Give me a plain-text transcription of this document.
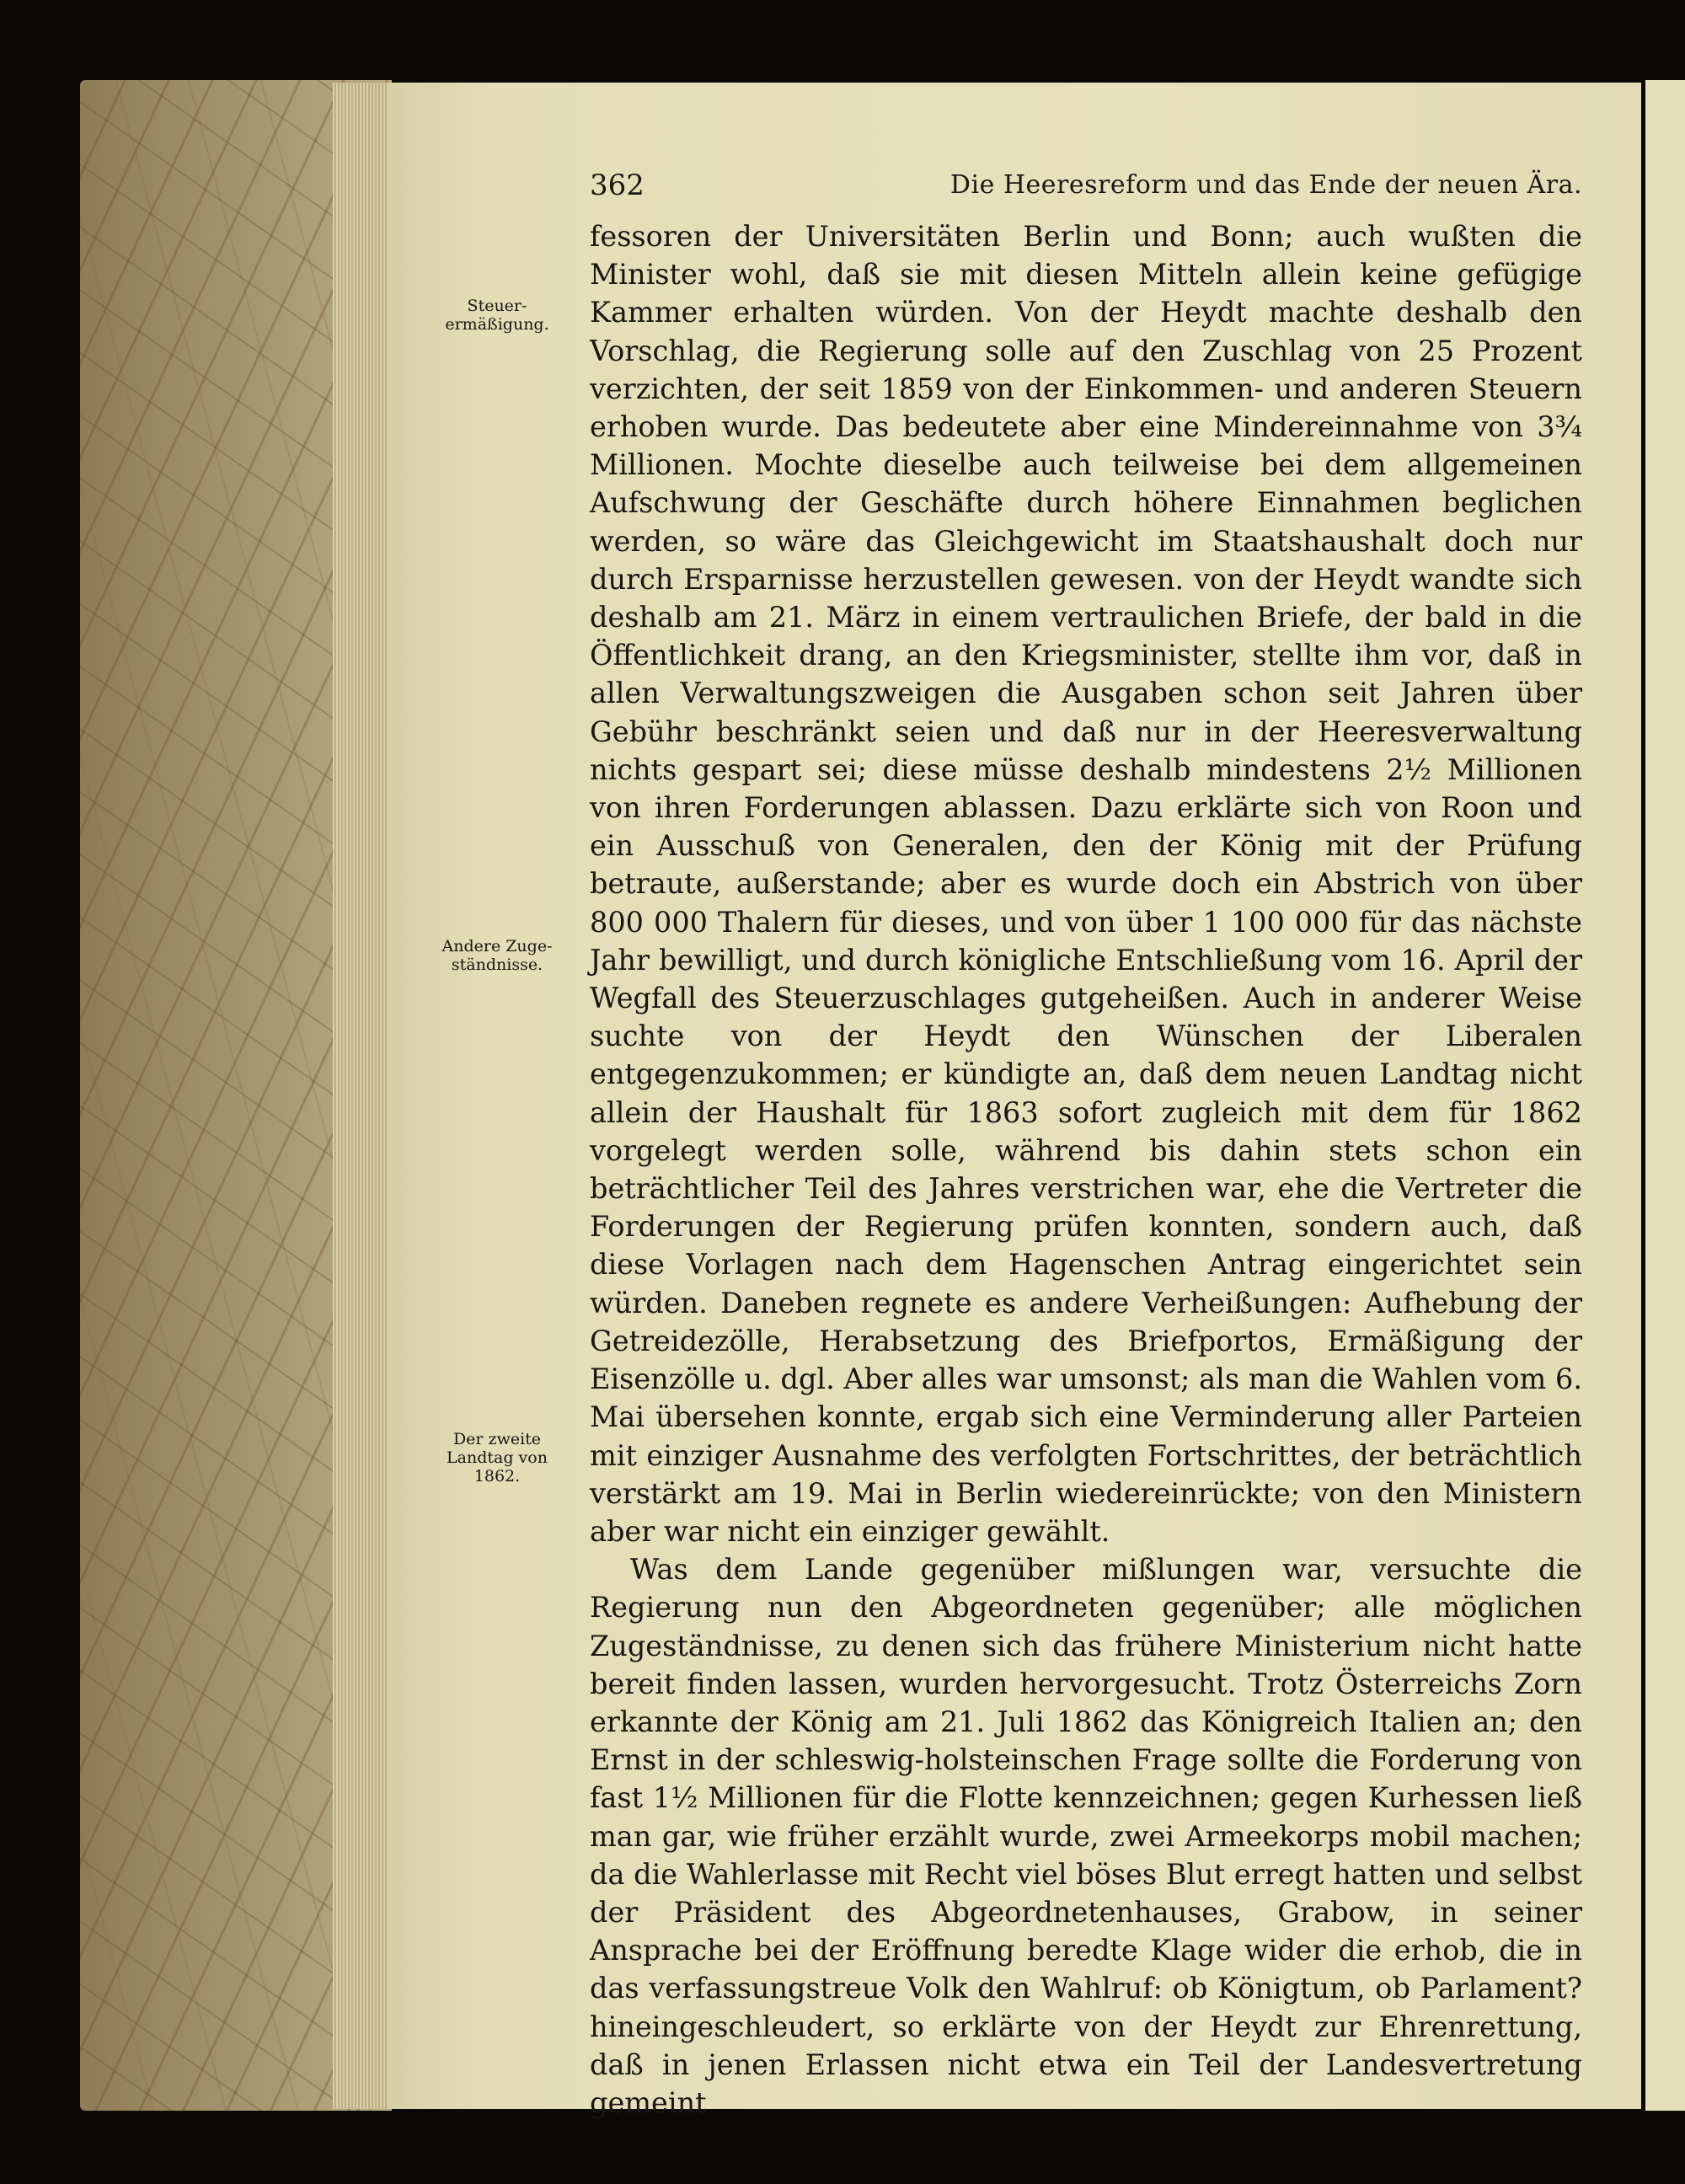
362	Die Heeresreform und das Ende der neuen Ära.
Steuer-ermäßigung.
Andere Zuge-ständnisse.
Der zweite Landtag von 1862.

fessoren der Universitäten Berlin und Bonn; auch wußten die Minister wohl, daß sie mit diesen Mitteln allein keine gefügige Kammer erhalten würden. Von der Heydt machte deshalb den Vorschlag, die Regierung solle auf den Zuschlag von 25 Prozent verzichten, der seit 1859 von der Einkommen- und anderen Steuern erhoben wurde. Das bedeutete aber eine Mindereinnahme von 3¾ Millionen. Mochte dieselbe auch teilweise bei dem allgemeinen Aufschwung der Geschäfte durch höhere Einnahmen beglichen werden, so wäre das Gleichgewicht im Staatshaushalt doch nur durch Ersparnisse herzustellen gewesen. von der Heydt wandte sich deshalb am 21. März in einem vertraulichen Briefe, der bald in die Öffentlichkeit drang, an den Kriegsminister, stellte ihm vor, daß in allen Verwaltungszweigen die Ausgaben schon seit Jahren über Gebühr beschränkt seien und daß nur in der Heeresverwaltung nichts gespart sei; diese müsse deshalb mindestens 2½ Millionen von ihren Forderungen ablassen. Dazu erklärte sich von Roon und ein Ausschuß von Generalen, den der König mit der Prüfung betraute, außerstande; aber es wurde doch ein Abstrich von über 800 000 Thalern für dieses, und von über 1 100 000 für das nächste Jahr bewilligt, und durch königliche Entschließung vom 16. April der Wegfall des Steuerzuschlages gutgeheißen. Auch in anderer Weise suchte von der Heydt den Wünschen der Liberalen entgegenzukommen; er kündigte an, daß dem neuen Landtag nicht allein der Haushalt für 1863 sofort zugleich mit dem für 1862 vorgelegt werden solle, während bis dahin stets schon ein beträchtlicher Teil des Jahres verstrichen war, ehe die Vertreter die Forderungen der Regierung prüfen konnten, sondern auch, daß diese Vorlagen nach dem Hagenschen Antrag eingerichtet sein würden. Daneben regnete es andere Verheißungen: Aufhebung der Getreidezölle, Herabsetzung des Briefportos, Ermäßigung der Eisenzölle u. dgl. Aber alles war umsonst; als man die Wahlen vom 6. Mai übersehen konnte, ergab sich eine Verminderung aller Parteien mit einziger Ausnahme des verfolgten Fortschrittes, der beträchtlich verstärkt am 19. Mai in Berlin wiedereinrückte; von den Ministern aber war nicht ein einziger gewählt.

Was dem Lande gegenüber mißlungen war, versuchte die Regierung nun den Abgeordneten gegenüber; alle möglichen Zugeständnisse, zu denen sich das frühere Ministerium nicht hatte bereit finden lassen, wurden hervorgesucht. Trotz Österreichs Zorn erkannte der König am 21. Juli 1862 das Königreich Italien an; den Ernst in der schleswig-holsteinschen Frage sollte die Forderung von fast 1½ Millionen für die Flotte kennzeichnen; gegen Kurhessen ließ man gar, wie früher erzählt wurde, zwei Armeekorps mobil machen; da die Wahlerlasse mit Recht viel böses Blut erregt hatten und selbst der Präsident des Abgeordnetenhauses, Grabow, in seiner Ansprache bei der Eröffnung beredte Klage wider die erhob, die in das verfassungstreue Volk den Wahlruf: ob Königtum, ob Parlament? hineingeschleudert, so erklärte von der Heydt zur Ehrenrettung, daß in jenen Erlassen nicht etwa ein Teil der Landesvertretung gemeint
